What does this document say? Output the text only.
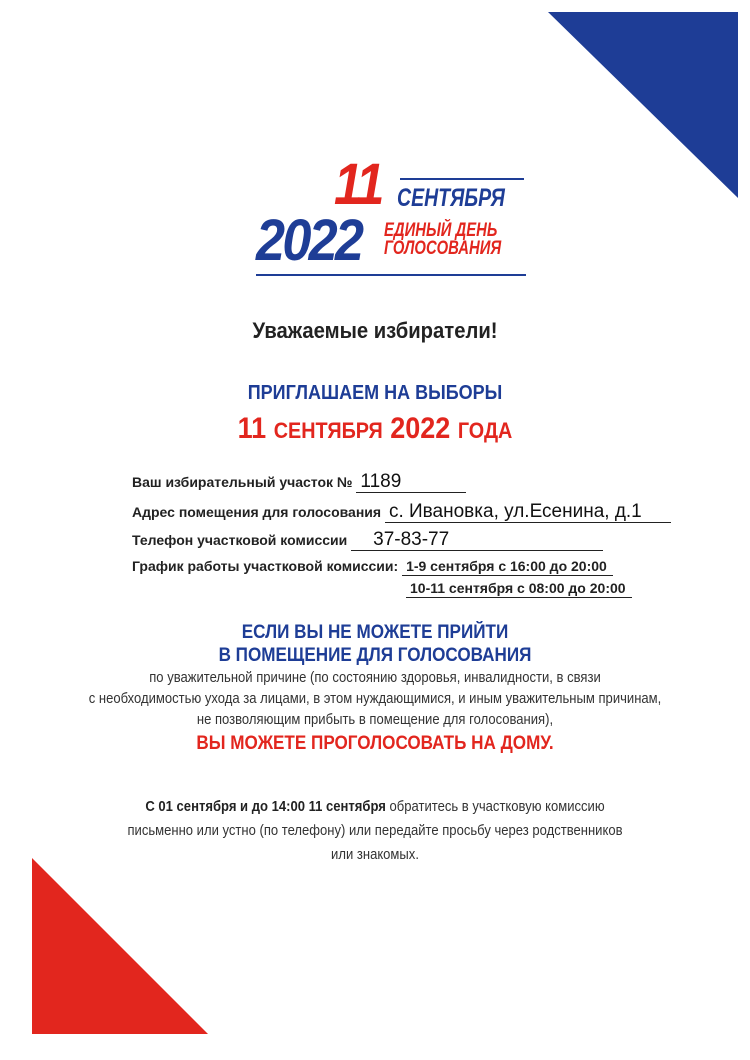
11 СЕНТЯБРЯ
2022 ЕДИНЫЙ ДЕНЬ
ГОЛОСОВАНИЯ
Уважаемые избиратели!
ПРИГЛАШАЕМ НА ВЫБОРЫ
11 СЕНТЯБРЯ 2022 ГОДА
Ваш избирательный участок № 1189
Адрес помещения для голосования с. Ивановка, ул.Есенина, д.1
Телефон участковой комиссии 37-83-77
График работы участковой комиссии: 1-9 сентября с 16:00 до 20:00
10-11 сентября с 08:00 до 20:00
ЕСЛИ ВЫ НЕ МОЖЕТЕ ПРИЙТИ
В ПОМЕЩЕНИЕ ДЛЯ ГОЛОСОВАНИЯ
по уважительной причине (по состоянию здоровья, инвалидности, в связи
с необходимостью ухода за лицами, в этом нуждающимися, и иным уважительным причинам,
не позволяющим прибыть в помещение для голосования),
ВЫ МОЖЕТЕ ПРОГОЛОСОВАТЬ НА ДОМУ.
С 01 сентября и до 14:00 11 сентября обратитесь в участковую комиссию
письменно или устно (по телефону) или передайте просьбу через родственников
или знакомых.
